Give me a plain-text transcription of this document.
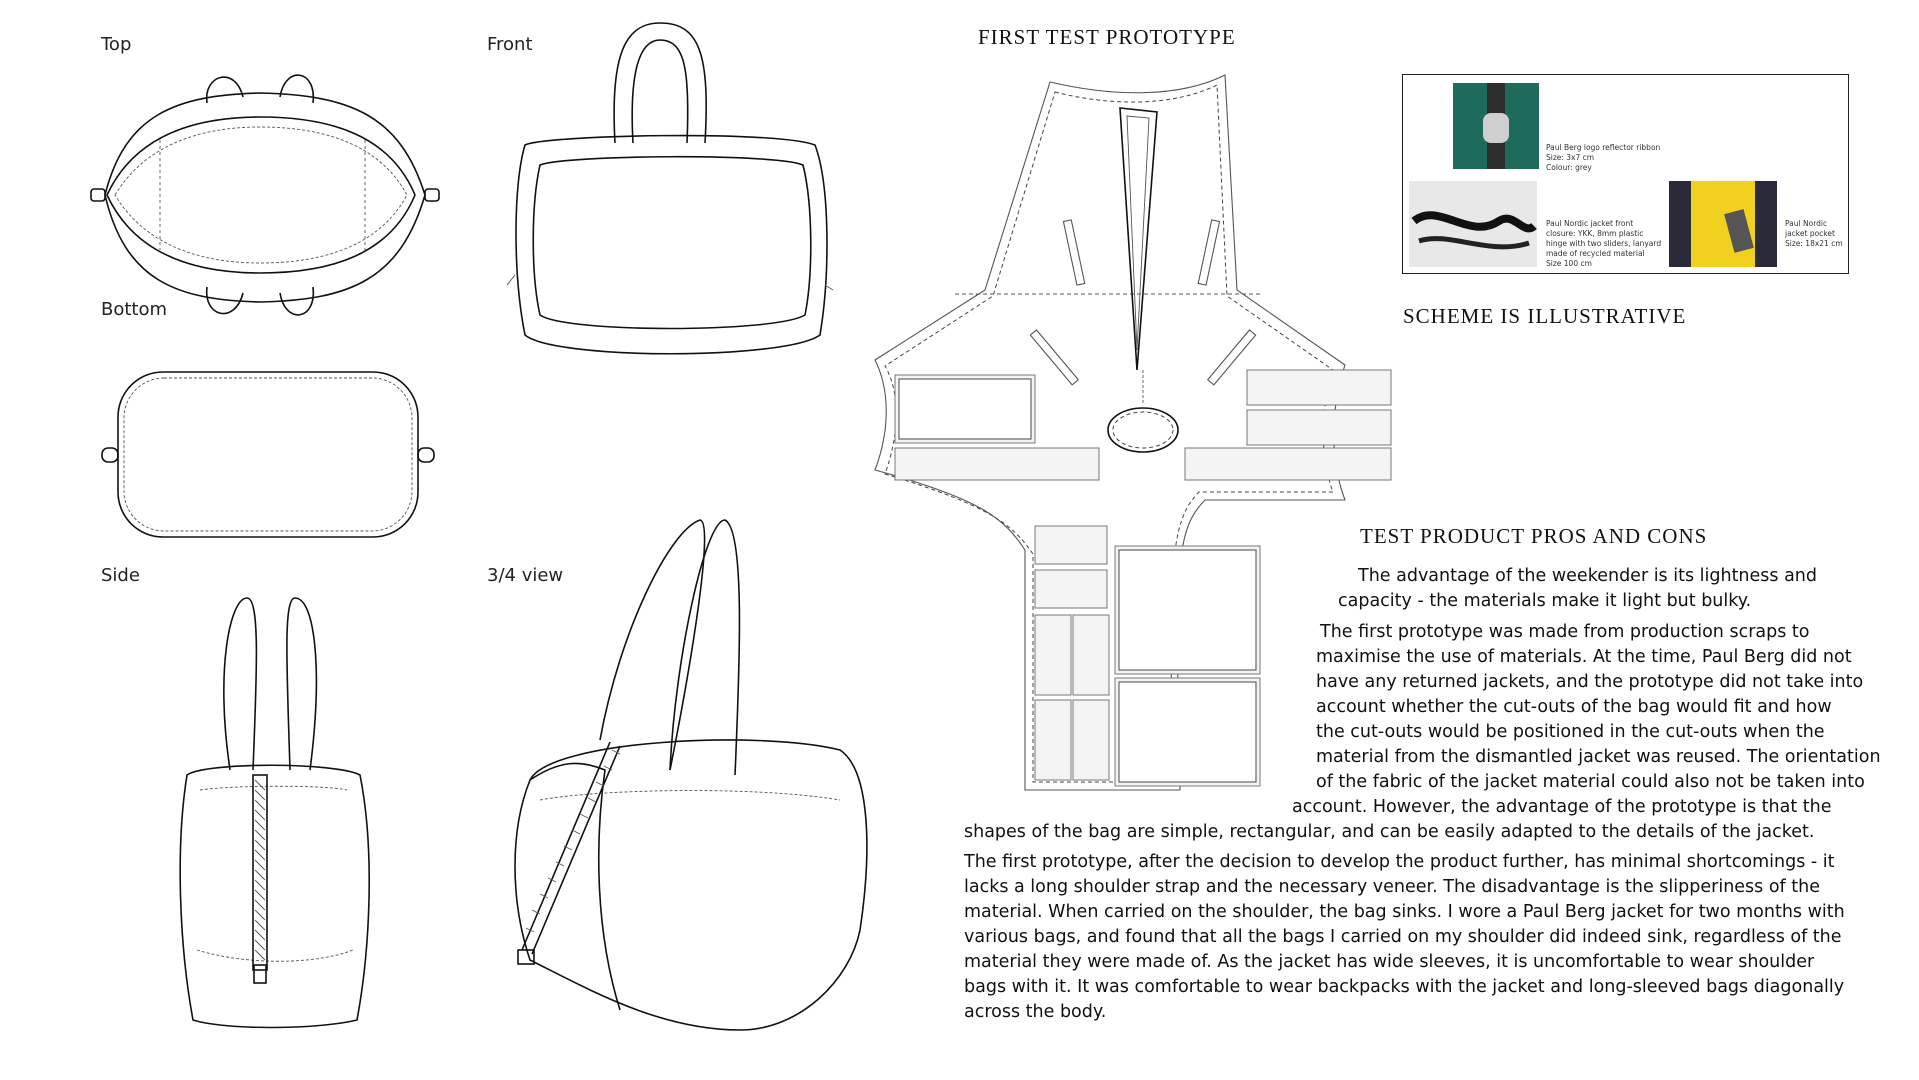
Top	Front
Bottom
Side	3/4 view
FIRST TEST PROTOTYPE
SCHEME IS ILLUSTRATIVE
TEST PRODUCT PROS AND CONS
Paul Berg logo reflector ribbon
Size: 3x7 cm
Colour: grey
Paul Nordic jacket front
closure: YKK, 8mm plastic
hinge with two sliders, lanyard
made of recycled material
Size 100 cm
Paul Nordic jacket pocket
Size: 18x21 cm
The advantage of the weekender is its lightness and
capacity - the materials make it light but bulky.
The first prototype was made from production scraps to
maximise the use of materials. At the time, Paul Berg did not
have any returned jackets, and the prototype did not take into
account whether the cut-outs of the bag would fit and how
the cut-outs would be positioned in the cut-outs when the
material from the dismantled jacket was reused. The orientation
of the fabric of the jacket material could also not be taken into
account. However, the advantage of the prototype is that the
shapes of the bag are simple, rectangular, and can be easily adapted to the details of the jacket.
The first prototype, after the decision to develop the product further, has minimal shortcomings - it
lacks a long shoulder strap and the necessary veneer. The disadvantage is the slipperiness of the
material. When carried on the shoulder, the bag sinks. I wore a Paul Berg jacket for two months with
various bags, and found that all the bags I carried on my shoulder did indeed sink, regardless of the
material they were made of. As the jacket has wide sleeves, it is uncomfortable to wear shoulder
bags with it. It was comfortable to wear backpacks with the jacket and long-sleeved bags diagonally
across the body.
